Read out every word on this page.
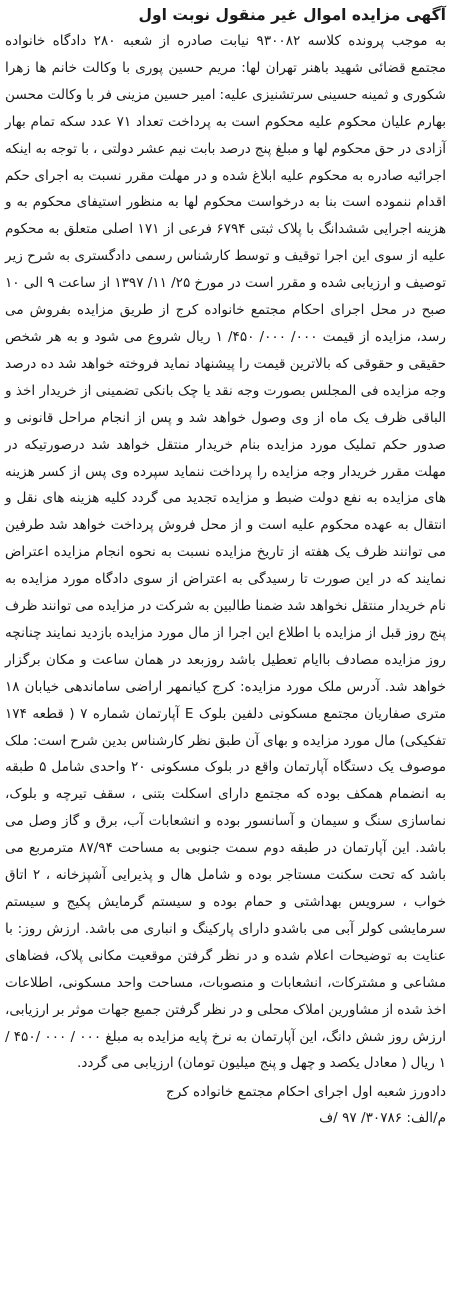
آگهی مزایده اموال غیر منقول نوبت اول

به موجب پرونده کلاسه ۹۳۰۰۸۲ نیابت صادره از شعبه ۲۸۰ دادگاه خانواده مجتمع قضائی شهید باهنر تهران لها: مریم حسین پوری با وکالت خانم ها زهرا شکوری و ثمینه حسینی سرتشنیزی علیه: امیر حسین مزینی فر با وکالت محسن بهارم علیان محکوم علیه محکوم است به پرداخت تعداد ۷۱ عدد سکه تمام بهار آزادی در حق محکوم لها و مبلغ پنج درصد بابت نیم عشر دولتی ، با توجه به اینکه اجرائیه صادره به محکوم علیه ابلاغ شده و در مهلت مقرر نسبت به اجرای حکم اقدام ننموده است بنا به درخواست محکوم لها به منظور استیفای محکوم به و هزینه اجرایی ششدانگ با پلاک ثبتی ۶۷۹۴ فرعی از ۱۷۱ اصلی متعلق به محکوم علیه از سوی این اجرا توقیف و توسط کارشناس رسمی دادگستری به شرح زیر توصیف و ارزیابی شده و مقرر است در مورخ ۲۵/ ۱۱/ ۱۳۹۷ از ساعت ۹ الی ۱۰ صبح در محل اجرای احکام مجتمع خانواده کرج از طریق مزایده بفروش می رسد، مزایده از قیمت ۰۰۰/ ۰۰۰/ ۴۵۰/ ۱ ریال شروع می شود و به هر شخص حقیقی و حقوقی که بالاترین قیمت را پیشنهاد نماید فروخته خواهد شد ده درصد وجه مزایده فی المجلس بصورت وجه نقد یا چک بانکی تضمینی از خریدار اخذ و الباقی ظرف یک ماه از وی وصول خواهد شد و پس از انجام مراحل قانونی و صدور حکم تملیک مورد مزایده بنام خریدار منتقل خواهد شد درصورتیکه در مهلت مقرر خریدار وجه مزایده را پرداخت ننماید سپرده وی پس از کسر هزینه های مزایده به نفع دولت ضبط و مزایده تجدید می گردد کلیه هزینه های نقل و انتقال به عهده محکوم علیه است و از محل فروش پرداخت خواهد شد طرفین می توانند ظرف یک هفته از تاریخ مزایده نسبت به نحوه انجام مزایده اعتراض نمایند که در این صورت تا رسیدگی به اعتراض از سوی دادگاه مورد مزایده به نام خریدار منتقل نخواهد شد ضمنا طالبین به شرکت در مزایده می توانند ظرف پنج روز قبل از مزایده با اطلاع این اجرا از مال مورد مزایده بازدید نمایند چنانچه روز مزایده مصادف باایام تعطیل باشد روزبعد در همان ساعت و مکان برگزار خواهد شد. آدرس ملک مورد مزایده: کرج کیانمهر اراضی ساماندهی خیابان ۱۸ متری صفاریان مجتمع مسکونی دلفین بلوک E آپارتمان شماره ۷ ( قطعه ۱۷۴ تفکیکی) مال مورد مزایده و بهای آن طبق نظر کارشناس بدین شرح است: ملک موصوف یک دستگاه آپارتمان واقع در بلوک مسکونی ۲۰ واحدی شامل ۵ طبقه به انضمام همکف بوده که مجتمع دارای اسکلت بتنی ، سقف تیرچه و بلوک، نماسازی سنگ و سیمان و آسانسور بوده و انشعابات آب، برق و گاز وصل می باشد. این آپارتمان در طبقه دوم سمت جنوبی به مساحت ۸۷/۹۴ مترمربع می باشد که تحت سکنت مستاجر بوده و شامل هال و پذیرایی آشپزخانه ، ۲ اتاق خواب ، سرویس بهداشتی و حمام بوده و سیستم گرمایش پکیج و سیستم سرمایشی کولر آبی می باشدو دارای پارکینگ و انباری می باشد. ارزش روز: با عنایت به توضیحات اعلام شده و در نظر گرفتن موقعیت مکانی پلاک، فضاهای مشاعی و مشترکات، انشعابات و منصوبات، مساحت واحد مسکونی، اطلاعات اخذ شده از مشاورین املاک محلی و در نظر گرفتن جمیع جهات موثر بر ارزیابی، ارزش روز شش دانگ، این آپارتمان به نرخ پایه مزایده به مبلغ ۰۰۰ / ۰۰۰ /۴۵۰ / ۱ ریال ( معادل یکصد و چهل و پنج میلیون تومان) ارزیابی می گردد.

دادورز شعبه اول اجرای احکام مجتمع خانواده کرج

م/الف: ۳۰۷۸۶/ ۹۷ /ف
